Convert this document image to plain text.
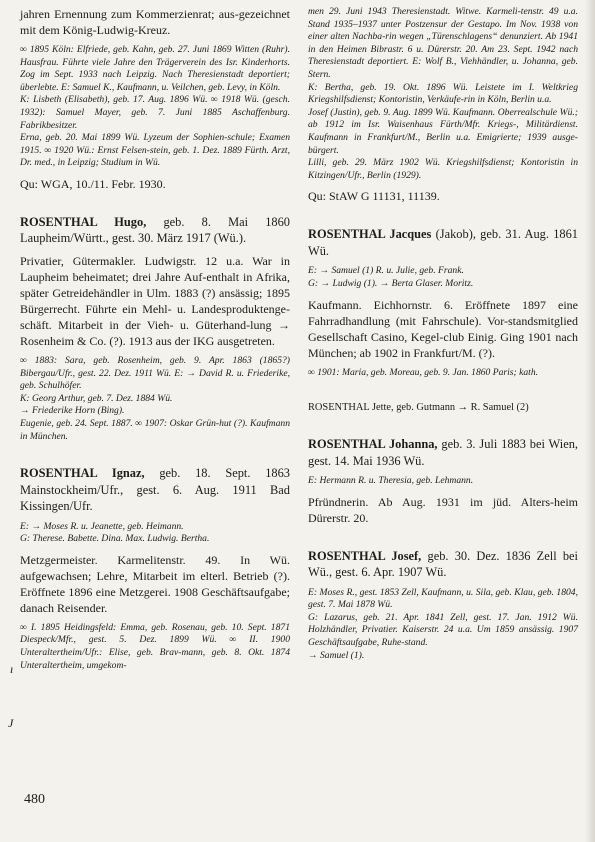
jahren Ernennung zum Kommerzienrat; aus-gezeichnet mit dem König-Ludwig-Kreuz.

∞ 1895 Köln: Elfriede, geb. Kahn, geb. 27. Juni 1869 Witten (Ruhr). Hausfrau. Führte viele Jahre den Trägerverein des Isr. Kinderhorts. Zog im Sept. 1933 nach Leipzig. Nach Theresienstadt deportiert; überlebte. E: Samuel K., Kaufmann, u. Veilchen, geb. Levy, in Köln.

K: Lisbeth (Elisabeth), geb. 17. Aug. 1896 Wü. ∞ 1918 Wü. (gesch. 1932): Samuel Mayer, geb. 7. Juni 1885 Aschaffenburg. Fabrikbesitzer.

Erna, geb. 20. Mai 1899 Wü. Lyzeum der Sophien-schule; Examen 1915. ∞ 1920 Wü.: Ernst Felsen-stein, geb. 1. Dez. 1889 Fürth. Arzt, Dr. med., in Leipzig; Studium in Wü.

Qu: WGA, 10./11. Febr. 1930.

ROSENTHAL Hugo, geb. 8. Mai 1860 Laupheim/Württ., gest. 30. März 1917 (Wü.).

Privatier, Gütermakler. Ludwigstr. 12 u.a. War in Laupheim beheimatet; drei Jahre Auf-enthalt in Afrika, später Getreidehändler in Ulm. 1883 (?) ansässig; 1895 Bürgerrecht. Führte ein Mehl- u. Landesproduktenge-schäft. Mitarbeit in der Vieh- u. Güterhand-lung → Rosenheim & Co. (?). 1913 aus der IKG ausgetreten.

∞ 1883: Sara, geb. Rosenheim, geb. 9. Apr. 1863 (1865?) Bibergau/Ufr., gest. 22. Dez. 1911 Wü. E: → David R. u. Friederike, geb. Schulhöfer.

K: Georg Arthur, geb. 7. Dez. 1884 Wü.

→ Friederike Horn (Bing).

Eugenie, geb. 24. Sept. 1887. ∞ 1907: Oskar Grün-hut (?). Kaufmann in München.

ROSENTHAL Ignaz, geb. 18. Sept. 1863 Mainstockheim/Ufr., gest. 6. Aug. 1911 Bad Kissingen/Ufr.

E: → Moses R. u. Jeanette, geb. Heimann.

G: Therese. Babette. Dina. Max. Ludwig. Bertha.

Metzgermeister. Karmelitenstr. 49. In Wü. aufgewachsen; Lehre, Mitarbeit im elterl. Betrieb (?). Eröffnete 1896 eine Metzgerei. 1908 Geschäftsaufgabe; danach Reisender.

∞ I. 1895 Heidingsfeld: Emma, geb. Rosenau, geb. 10. Sept. 1871 Diespeck/Mfr., gest. 5. Dez. 1899 Wü. ∞ II. 1900 Unteraltertheim/Ufr.: Elise, geb. Brav-mann, geb. 8. Okt. 1874 Unteraltertheim, umgekom-

men 29. Juni 1943 Theresienstadt. Witwe. Karmeli-tenstr. 49 u.a. Stand 1935–1937 unter Postzensur der Gestapo. Im Nov. 1938 von einer alten Nachba-rin wegen „Türenschlagens“ denunziert. Ab 1941 in den Heimen Bibrastr. 6 u. Dürerstr. 20. Am 23. Sept. 1942 nach Theresienstadt deportiert. E: Wolf B., Viehhändler, u. Johanna, geb. Stern.

K: Bertha, geb. 19. Okt. 1896 Wü. Leistete im I. Weltkrieg Kriegshilfsdienst; Kontoristin, Verkäufe-rin in Köln, Berlin u.a.

Josef (Justin), geb. 9. Aug. 1899 Wü. Kaufmann. Oberrealschule Wü.; ab 1912 im Isr. Waisenhaus Fürth/Mfr. Kriegs-, Militärdienst. Kaufmann in Frankfurt/M., Berlin u.a. Emigrierte; 1939 ausge-bürgert.

Lilli, geb. 29. März 1902 Wü. Kriegshilfsdienst; Kontoristin in Kitzingen/Ufr., Berlin (1929).

Qu: StAW G 11131, 11139.

ROSENTHAL Jacques (Jakob), geb. 31. Aug. 1861 Wü.

E: → Samuel (1) R. u. Julie, geb. Frank.

G: → Ludwig (1). → Berta Glaser. Moritz.

Kaufmann. Eichhornstr. 6. Eröffnete 1897 eine Fahrradhandlung (mit Fahrschule). Vor-standsmitglied Gesellschaft Casino, Kegel-club Einig. Ging 1901 nach München; ab 1902 in Frankfurt/M. (?).

∞ 1901: Maria, geb. Moreau, geb. 9. Jan. 1860 Paris; kath.

ROSENTHAL Jette, geb. Gutmann → R. Samuel (2)

ROSENTHAL Johanna, geb. 3. Juli 1883 bei Wien, gest. 14. Mai 1936 Wü.

E: Hermann R. u. Theresia, geb. Lehmann.

Pfründnerin. Ab Aug. 1931 im jüd. Alters-heim Dürerstr. 20.

ROSENTHAL Josef, geb. 30. Dez. 1836 Zell bei Wü., gest. 6. Apr. 1907 Wü.

E: Moses R., gest. 1853 Zell, Kaufmann, u. Sila, geb. Klau, geb. 1804, gest. 7. Mai 1878 Wü.

G: Lazarus, geb. 21. Apr. 1841 Zell, gest. 17. Jan. 1912 Wü. Holzhändler, Privatier. Kaiserstr. 24 u.a. Um 1859 ansässig. 1907 Geschäftsaufgabe, Ruhe-stand.

→ Samuel (1).

ı
J
480
